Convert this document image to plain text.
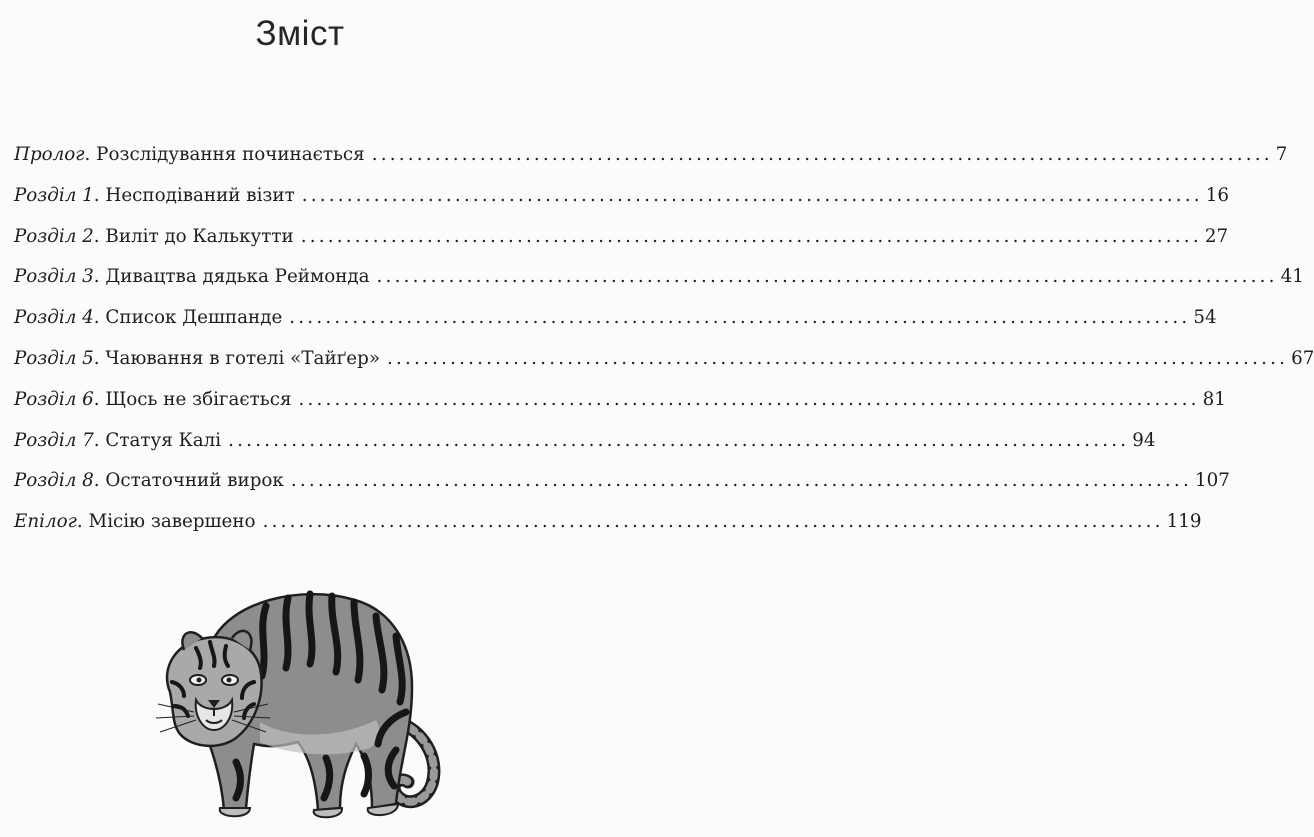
Зміст
Пролог . Розслідування починається .................................................................................................... 7
Розділ 1 . Несподіваний візит .................................................................................................... 16
Розділ 2 . Виліт до Калькутти .................................................................................................... 27
Розділ 3 . Дивацтва дядька Реймонда .................................................................................................... 41
Розділ 4 . Список Дешпанде .................................................................................................... 54
Розділ 5 . Чаювання в готелі «Тайґер» .................................................................................................... 67
Розділ 6 . Щось не збігається .................................................................................................... 81
Розділ 7 . Статуя Калі .................................................................................................... 94
Розділ 8 . Остаточний вирок .................................................................................................... 107
Епілог . Місію завершено .................................................................................................... 119
